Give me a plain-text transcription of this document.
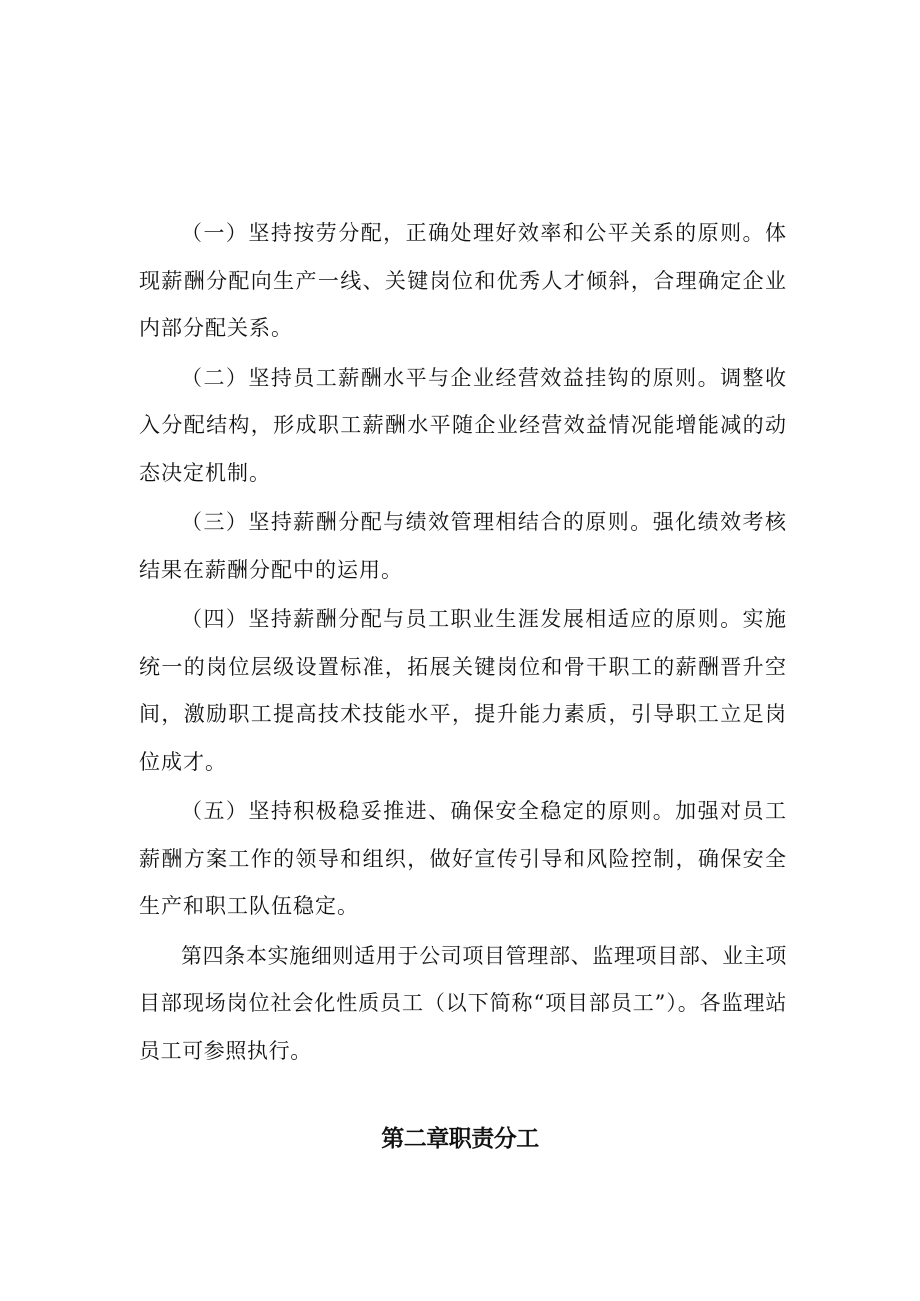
（一）坚持按劳分配，正确处理好效率和公平关系的原则。体现薪酬分配向生产一线、关键岗位和优秀人才倾斜，合理确定企业内部分配关系。

（二）坚持员工薪酬水平与企业经营效益挂钩的原则。调整收入分配结构，形成职工薪酬水平随企业经营效益情况能增能减的动态决定机制。

（三）坚持薪酬分配与绩效管理相结合的原则。强化绩效考核结果在薪酬分配中的运用。

（四）坚持薪酬分配与员工职业生涯发展相适应的原则。实施统一的岗位层级设置标准，拓展关键岗位和骨干职工的薪酬晋升空间，激励职工提高技术技能水平，提升能力素质，引导职工立足岗位成才。

（五）坚持积极稳妥推进、确保安全稳定的原则。加强对员工薪酬方案工作的领导和组织，做好宣传引导和风险控制，确保安全生产和职工队伍稳定。

第四条本实施细则适用于公司项目管理部、监理项目部、业主项目部现场岗位社会化性质员工（以下简称“项目部员工”）。各监理站员工可参照执行。

第二章职责分工
